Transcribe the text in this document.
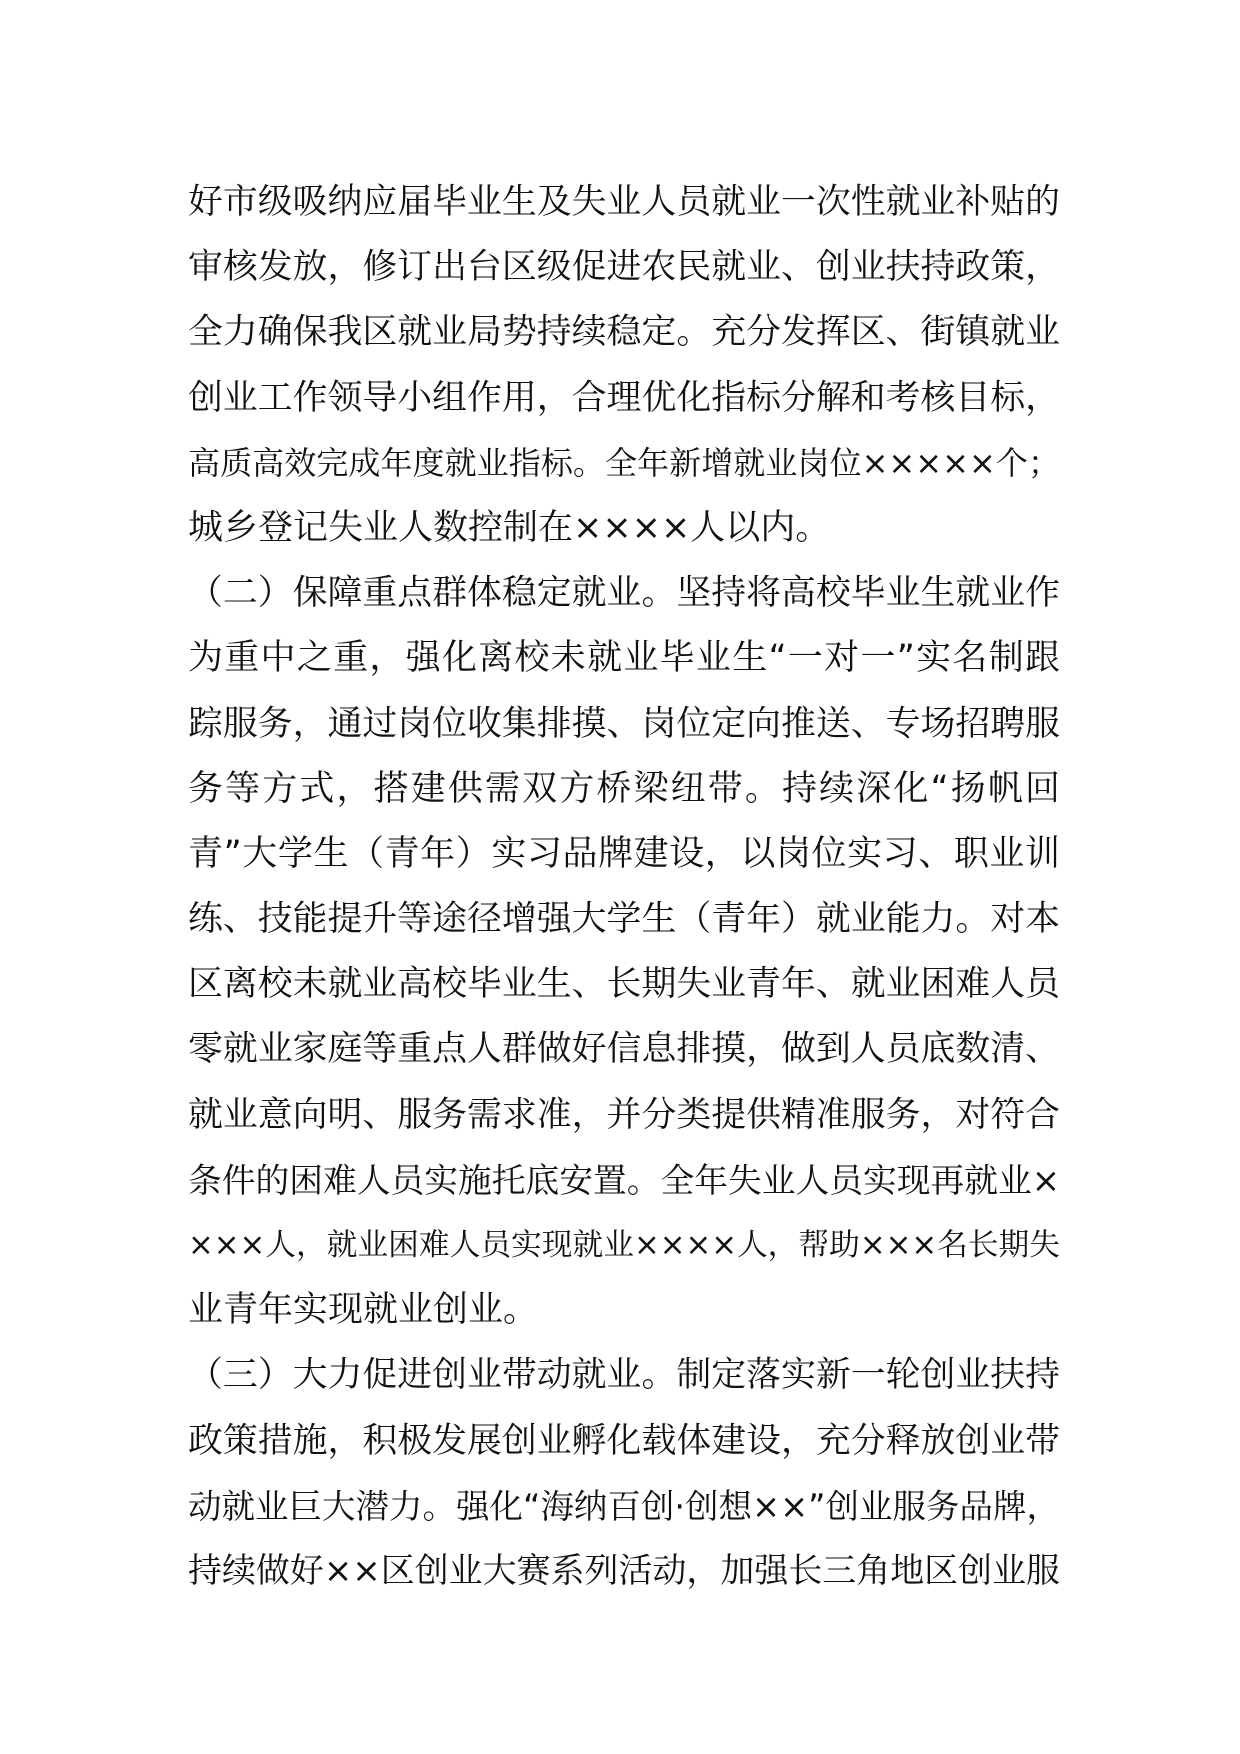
好市级吸纳应届毕业生及失业人员就业一次性就业补贴的
审核发放，修订出台区级促进农民就业、创业扶持政策，
全力确保我区就业局势持续稳定。充分发挥区、街镇就业
创业工作领导小组作用，合理优化指标分解和考核目标，
高质高效完成年度就业指标。全年新增就业岗位×××××个；
城乡登记失业人数控制在××××人以内。
（二）保障重点群体稳定就业。坚持将高校毕业生就业作
为重中之重，强化离校未就业毕业生“一对一”实名制跟
踪服务，通过岗位收集排摸、岗位定向推送、专场招聘服
务等方式，搭建供需双方桥梁纽带。持续深化“扬帆回
青”大学生（青年）实习品牌建设，以岗位实习、职业训
练、技能提升等途径增强大学生（青年）就业能力。对本
区离校未就业高校毕业生、长期失业青年、就业困难人员
零就业家庭等重点人群做好信息排摸，做到人员底数清、
就业意向明、服务需求准，并分类提供精准服务，对符合
条件的困难人员实施托底安置。全年失业人员实现再就业×
×××人，就业困难人员实现就业××××人，帮助×××名长期失
业青年实现就业创业。
（三）大力促进创业带动就业。制定落实新一轮创业扶持
政策措施，积极发展创业孵化载体建设，充分释放创业带
动就业巨大潜力。强化“海纳百创·创想××”创业服务品牌，
持续做好××区创业大赛系列活动，加强长三角地区创业服
